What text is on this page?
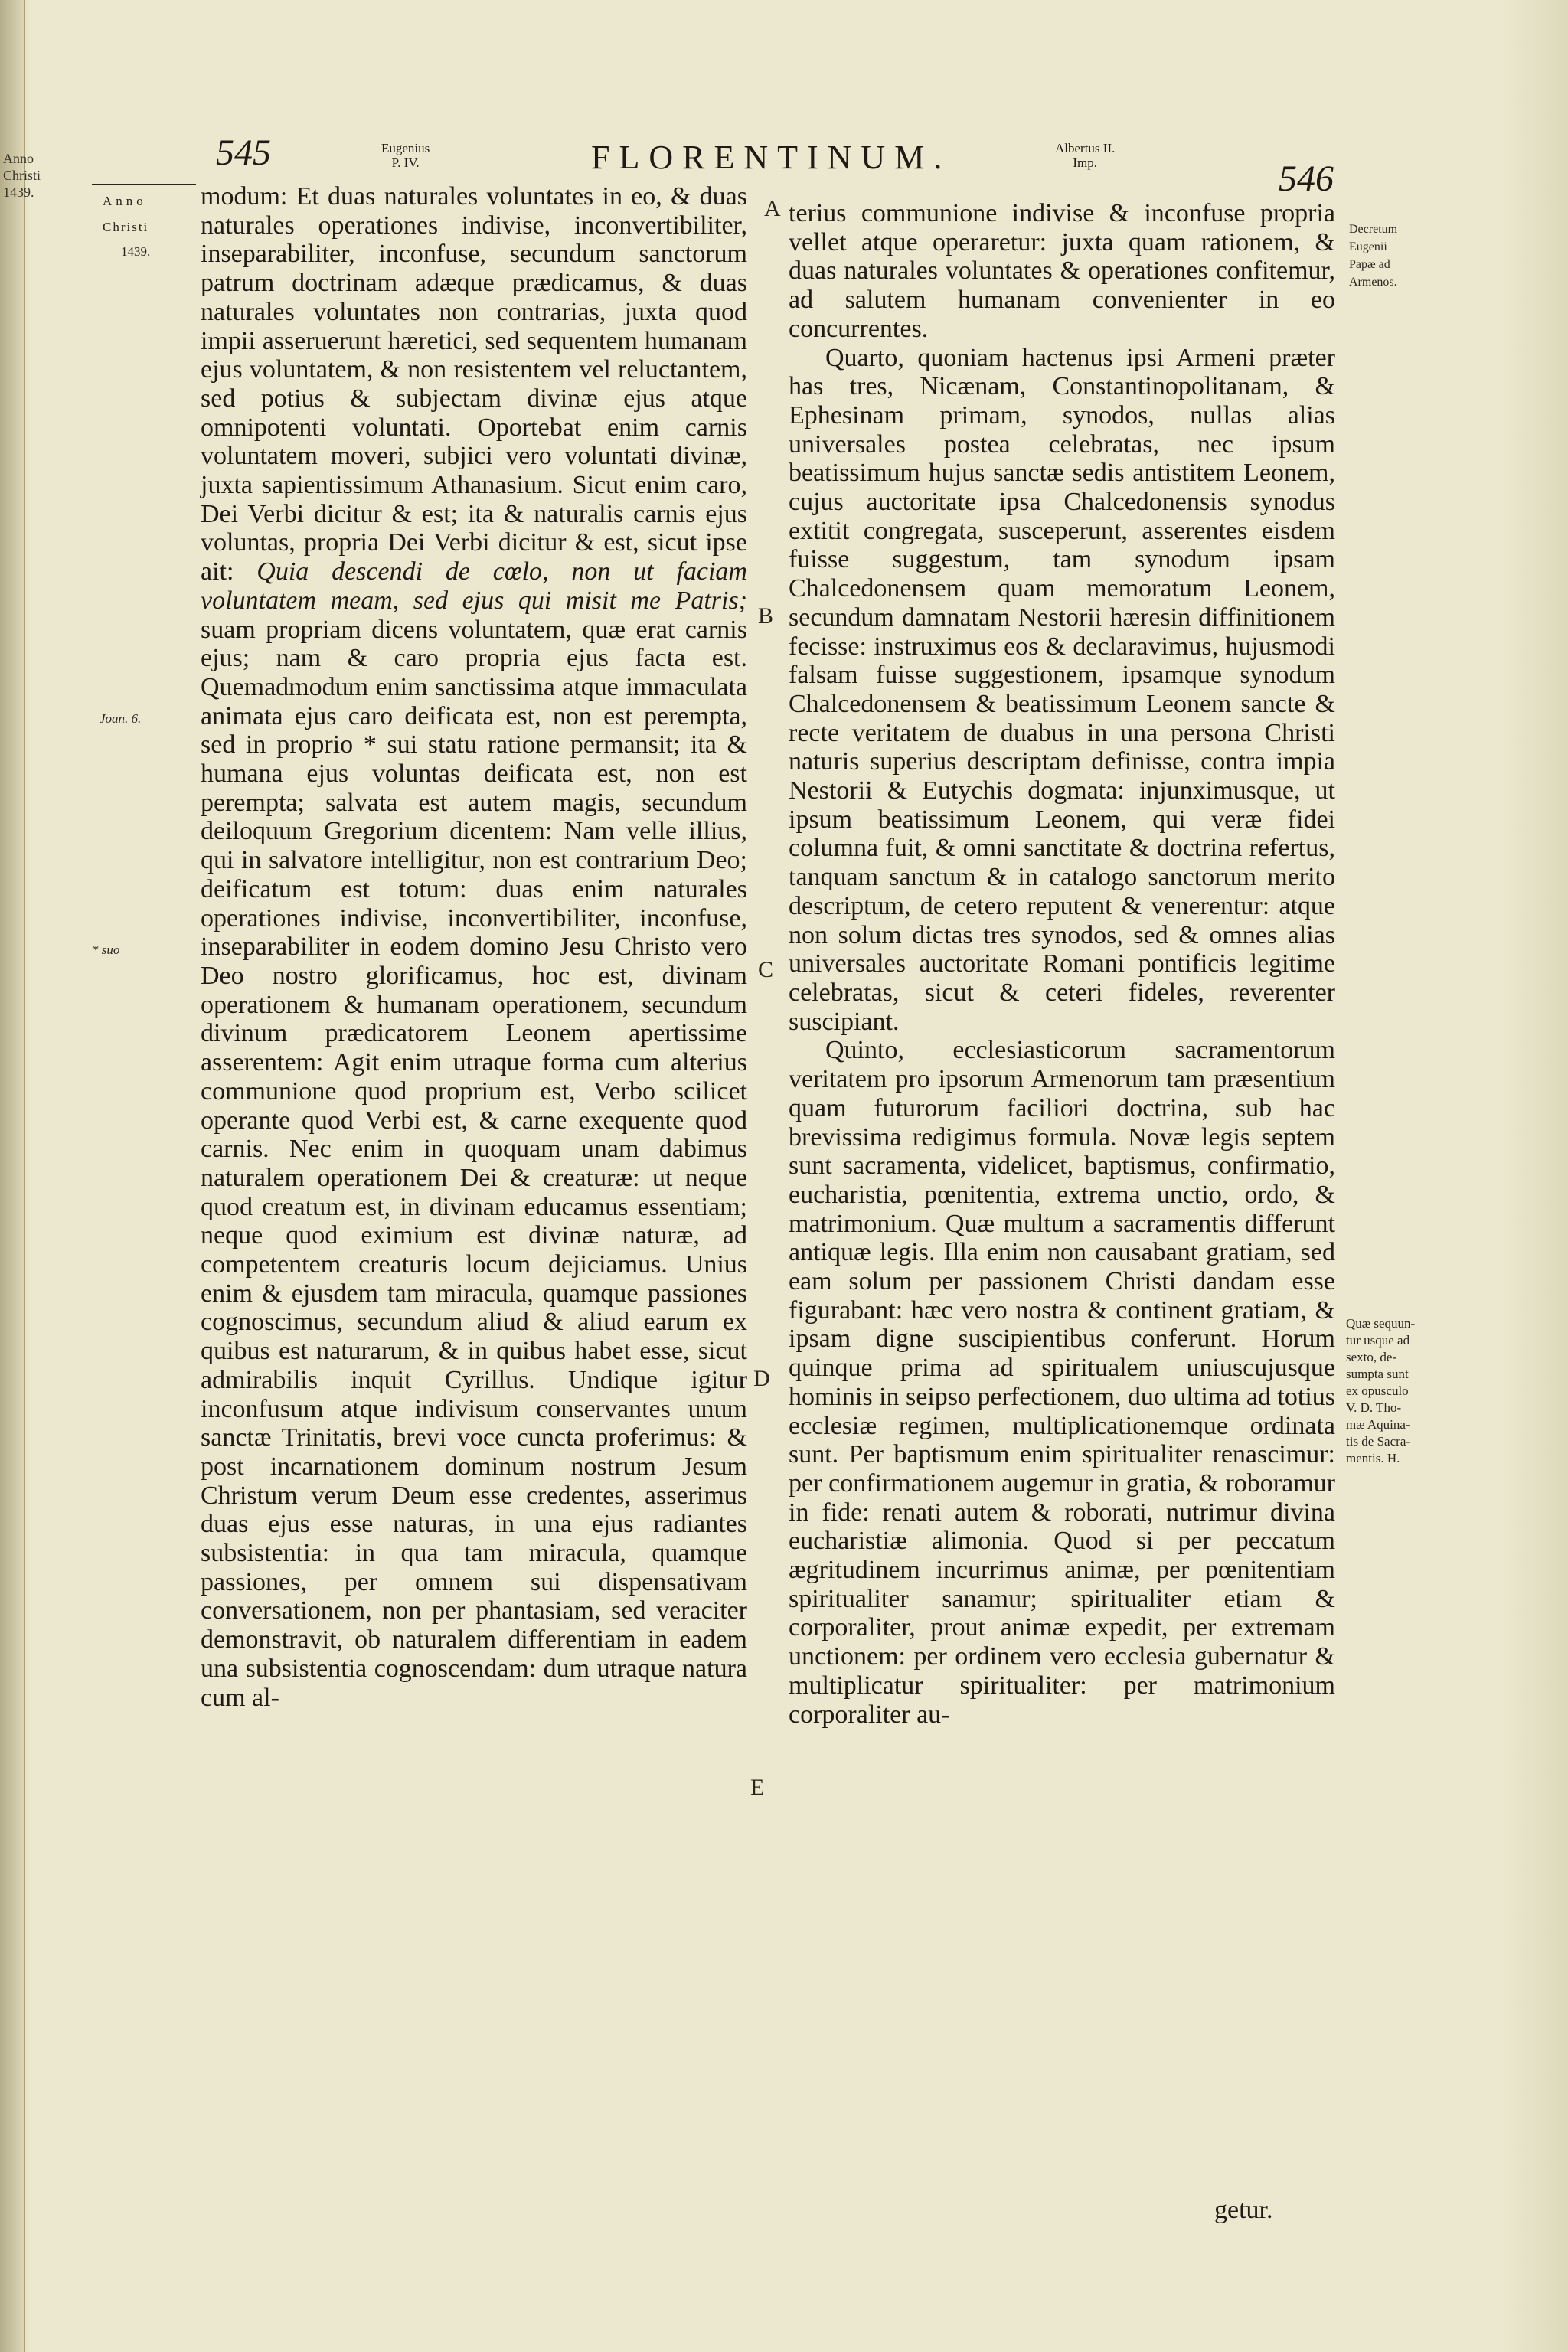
Anno
Christi
1439.
545	Eugenius
P. IV.	FLORENTINUM.	Albertus II.
Imp.	546
Anno
Christi
1439.
Joan. 6.
* suo
Decretum
Eugenii
Papæ ad
Armenos.
Quæ sequun-
tur usque ad
sexto, de-
sumpta sunt
ex opusculo
V. D. Tho-
mæ Aquina-
tis de Sacra-
mentis. H.
A
B
C
D
E

modum: Et duas naturales voluntates in eo, & duas naturales operationes indivise, inconvertibiliter, inseparabiliter, inconfuse, secundum sanctorum patrum doctrinam adæque prædicamus, & duas naturales voluntates non contrarias, juxta quod impii asseruerunt hæretici, sed sequentem humanam ejus voluntatem, & non resistentem vel reluctantem, sed potius & subjectam divinæ ejus atque omnipotenti voluntati. Oportebat enim carnis voluntatem moveri, subjici vero voluntati divinæ, juxta sapientissimum Athanasium. Sicut enim caro, Dei Verbi dicitur & est; ita & naturalis carnis ejus voluntas, propria Dei Verbi dicitur & est, sicut ipse ait: Quia descendi de cœlo, non ut faciam voluntatem meam, sed ejus qui misit me Patris; suam propriam dicens voluntatem, quæ erat carnis ejus; nam & caro propria ejus facta est. Quemadmodum enim sanctissima atque immaculata animata ejus caro deificata est, non est perempta, sed in proprio * sui statu ratione permansit; ita & humana ejus voluntas deificata est, non est perempta; salvata est autem magis, secundum deiloquum Gregorium dicentem: Nam velle illius, qui in salvatore intelligitur, non est contrarium Deo; deificatum est totum: duas enim naturales operationes indivise, inconvertibiliter, inconfuse, inseparabiliter in eodem domino Jesu Christo vero Deo nostro glorificamus, hoc est, divinam operationem & humanam operationem, secundum divinum prædicatorem Leonem apertissime asserentem: Agit enim utraque forma cum alterius communione quod proprium est, Verbo scilicet operante quod Verbi est, & carne exequente quod carnis. Nec enim in quoquam unam dabimus naturalem operationem Dei & creaturæ: ut neque quod creatum est, in divinam educamus essentiam; neque quod eximium est divinæ naturæ, ad competentem creaturis locum dejiciamus. Unius enim & ejusdem tam miracula, quamque passiones cognoscimus, secundum aliud & aliud earum ex quibus est naturarum, & in quibus habet esse, sicut admirabilis inquit Cyrillus. Undique igitur inconfusum atque indivisum conservantes unum sanctæ Trinitatis, brevi voce cuncta proferimus: & post incarnationem dominum nostrum Jesum Christum verum Deum esse credentes, asserimus duas ejus esse naturas, in una ejus radiantes subsistentia: in qua tam miracula, quamque passiones, per omnem sui dispensativam conversationem, non per phantasiam, sed veraciter demonstravit, ob naturalem differentiam in eadem una subsistentia cognoscendam: dum utraque natura cum al-

terius communione indivise & inconfuse propria vellet atque operaretur: juxta quam rationem, & duas naturales voluntates & operationes confitemur, ad salutem humanam convenienter in eo concurrentes.

Quarto, quoniam hactenus ipsi Armeni præter has tres, Nicænam, Constantinopolitanam, & Ephesinam primam, synodos, nullas alias universales postea celebratas, nec ipsum beatissimum hujus sanctæ sedis antistitem Leonem, cujus auctoritate ipsa Chalcedonensis synodus extitit congregata, susceperunt, asserentes eisdem fuisse suggestum, tam synodum ipsam Chalcedonensem quam memoratum Leonem, secundum damnatam Nestorii hæresin diffinitionem fecisse: instruximus eos & declaravimus, hujusmodi falsam fuisse suggestionem, ipsamque synodum Chalcedonensem & beatissimum Leonem sancte & recte veritatem de duabus in una persona Christi naturis superius descriptam definisse, contra impia Nestorii & Eutychis dogmata: injunximusque, ut ipsum beatissimum Leonem, qui veræ fidei columna fuit, & omni sanctitate & doctrina refertus, tanquam sanctum & in catalogo sanctorum merito descriptum, de cetero reputent & venerentur: atque non solum dictas tres synodos, sed & omnes alias universales auctoritate Romani pontificis legitime celebratas, sicut & ceteri fideles, reverenter suscipiant.

Quinto, ecclesiasticorum sacramentorum veritatem pro ipsorum Armenorum tam præsentium quam futurorum faciliori doctrina, sub hac brevissima redigimus formula. Novæ legis septem sunt sacramenta, videlicet, baptismus, confirmatio, eucharistia, pœnitentia, extrema unctio, ordo, & matrimonium. Quæ multum a sacramentis differunt antiquæ legis. Illa enim non causabant gratiam, sed eam solum per passionem Christi dandam esse figurabant: hæc vero nostra & continent gratiam, & ipsam digne suscipientibus conferunt. Horum quinque prima ad spiritualem uniuscujusque hominis in seipso perfectionem, duo ultima ad totius ecclesiæ regimen, multiplicationemque ordinata sunt. Per baptismum enim spiritualiter renascimur: per confirmationem augemur in gratia, & roboramur in fide: renati autem & roborati, nutrimur divina eucharistiæ alimonia. Quod si per peccatum ægritudinem incurrimus animæ, per pœnitentiam spiritualiter sanamur; spiritualiter etiam & corporaliter, prout animæ expedit, per extremam unctionem: per ordinem vero ecclesia gubernatur & multiplicatur spiritualiter: per matrimonium corporaliter au-

getur.
